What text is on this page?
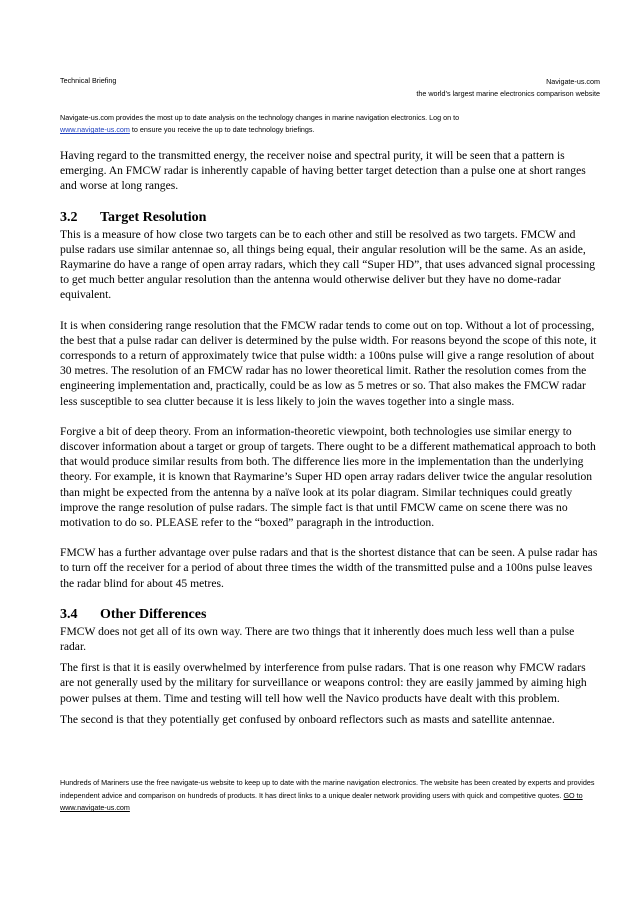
Technical Briefing	Navigate-us.com
the world’s largest marine electronics comparison website
Navigate-us.com provides the most up to date analysis on the technology changes in marine navigation electronics. Log on to
www.navigate-us.com to ensure you receive the up to date technology briefings.

Having regard to the transmitted energy, the receiver noise and spectral purity, it will be seen that a pattern is emerging. An FMCW radar is inherently capable of having better target detection than a pulse one at short ranges and worse at long ranges.

3.2 Target Resolution

This is a measure of how close two targets can be to each other and still be resolved as two targets. FMCW and pulse radars use similar antennae so, all things being equal, their angular resolution will be the same. As an aside, Raymarine do have a range of open array radars, which they call “Super HD”, that uses advanced signal processing to get much better angular resolution than the antenna would otherwise deliver but they have no dome-radar equivalent.

It is when considering range resolution that the FMCW radar tends to come out on top. Without a lot of processing, the best that a pulse radar can deliver is determined by the pulse width. For reasons beyond the scope of this note, it corresponds to a return of approximately twice that pulse width: a 100ns pulse will give a range resolution of about 30 metres. The resolution of an FMCW radar has no lower theoretical limit. Rather the resolution comes from the engineering implementation and, practically, could be as low as 5 metres or so. That also makes the FMCW radar less susceptible to sea clutter because it is less likely to join the waves together into a single mass.

Forgive a bit of deep theory. From an information-theoretic viewpoint, both technologies use similar energy to discover information about a target or group of targets. There ought to be a different mathematical approach to both that would produce similar results from both. The difference lies more in the implementation than the underlying theory. For example, it is known that Raymarine’s Super HD open array radars deliver twice the angular resolution than might be expected from the antenna by a naïve look at its polar diagram. Similar techniques could greatly improve the range resolution of pulse radars. The simple fact is that until FMCW came on scene there was no motivation to do so. PLEASE refer to the “boxed” paragraph in the introduction.

FMCW has a further advantage over pulse radars and that is the shortest distance that can be seen. A pulse radar has to turn off the receiver for a period of about three times the width of the transmitted pulse and a 100ns pulse leaves the radar blind for about 45 metres.

3.4 Other Differences

FMCW does not get all of its own way. There are two things that it inherently does much less well than a pulse radar.

The first is that it is easily overwhelmed by interference from pulse radars. That is one reason why FMCW radars are not generally used by the military for surveillance or weapons control: they are easily jammed by aiming high power pulses at them. Time and testing will tell how well the Navico products have dealt with this problem.

The second is that they potentially get confused by onboard reflectors such as masts and satellite antennae.

Hundreds of Mariners use the free navigate-us website to keep up to date with the marine navigation electronics. The website has been created by experts and provides independent advice and comparison on hundreds of products. It has direct links to a unique dealer network providing users with quick and competitive quotes. GO to www.navigate-us.com
